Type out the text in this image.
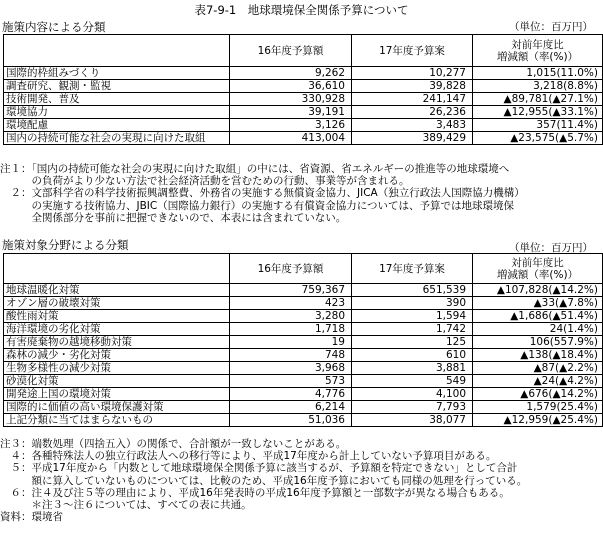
表7-9-1　地球環境保全関係予算について
施策内容による分類	（単位：百万円）
	16年度予算額	17年度予算案	対前年度比
増減額（率(%)）

国際的枠組みづくり	9,262	10,277	1,015(11.0%)
調査研究、観測・監視	36,610	39,828	3,218(8.8%)
技術開発、普及	330,928	241,147	▲89,781(▲27.1%)
環境協力	39,191	26,236	▲12,955(▲33.1%)
環境配慮	3,126	3,483	357(11.4%)
国内の持続可能な社会の実現に向けた取組	413,004	389,429	▲23,575(▲5.7%)
注１：「国内の持続可能な社会の実現に向けた取組」の中には、省資源、省エネルギーの推進等の地球環境へ
　　　の負荷がより少ない方法で社会経済活動を営むための行動、事業等が含まれる。
　２：文部科学省の科学技術振興調整費、外務省の実施する無償資金協力、JICA（独立行政法人国際協力機構）
　　　の実施する技術協力、JBIC（国際協力銀行）の実施する有償資金協力については、予算では地球環境保
　　　全関係部分を事前に把握できないので、本表には含まれていない。
施策対象分野による分類	（単位：百万円）
	16年度予算額	17年度予算案	対前年度比
増減額（率(%)）

地球温暖化対策	759,367	651,539	▲107,828(▲14.2%)
オゾン層の破壊対策	423	390	▲33(▲7.8%)
酸性雨対策	3,280	1,594	▲1,686(▲51.4%)
海洋環境の劣化対策	1,718	1,742	24(1.4%)
有害廃棄物の越境移動対策	19	125	106(557.9%)
森林の減少・劣化対策	748	610	▲138(▲18.4%)
生物多様性の減少対策	3,968	3,881	▲87(▲2.2%)
砂漠化対策	573	549	▲24(▲4.2%)
開発途上国の環境対策	4,776	4,100	▲676(▲14.2%)
国際的に価値の高い環境保護対策	6,214	7,793	1,579(25.4%)
上記分類に当てはまらないもの	51,036	38,077	▲12,959(▲25.4%)
注３：端数処理（四捨五入）の関係で、合計額が一致しないことがある。
　４：各種特殊法人の独立行政法人への移行等により、平成17年度から計上していない予算項目がある。
　５：平成17年度から「内数として地球環境保全関係予算に該当するが、予算額を特定できない」として合計
　　　額に算入していないものについては、比較のため、平成16年度予算においても同様の処理を行っている。
　６：注４及び注５等の理由により、平成16年発表時の平成16年度予算額と一部数字が異なる場合もある。
　　　＊注３～注６については、すべての表に共通。
資料：環境省
